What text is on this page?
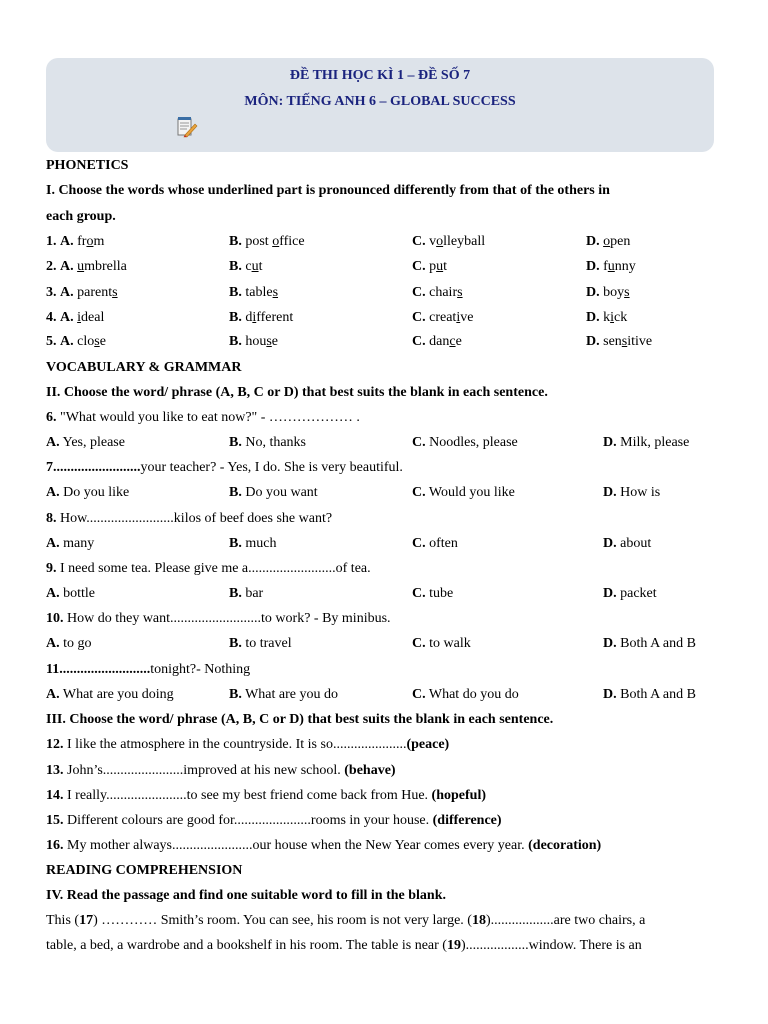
ĐỀ THI HỌC KÌ 1 – ĐỀ SỐ 7
MÔN: TIẾNG ANH 6 – GLOBAL SUCCESS
PHONETICS
I. Choose the words whose underlined part is pronounced differently from that of the others in
each group.
1. A. from	B. post office	C. volleyball	D. open
2. A. umbrella	B. cut	C. put	D. funny
3. A. parents	B. tables	C. chairs	D. boys
4. A. ideal	B. different	C. creative	D. kick
5. A. close	B. house	C. dance	D. sensitive
VOCABULARY & GRAMMAR
II. Choose the word/ phrase (A, B, C or D) that best suits the blank in each sentence.
6. "What would you like to eat now?" - ……………… .
A. Yes, please	B. No, thanks	C. Noodles, please	D. Milk, please
7.........................your teacher? - Yes, I do. She is very beautiful.
A. Do you like	B. Do you want	C. Would you like	D. How is
8. How.........................kilos of beef does she want?
A. many	B. much	C. often	D. about
9. I need some tea. Please give me a.........................of tea.
A. bottle	B. bar	C. tube	D. packet
10. How do they want..........................to work? - By minibus.
A. to go	B. to travel	C. to walk	D. Both A and B
11..........................tonight?- Nothing
A. What are you doing	B. What are you do	C. What do you do	D. Both A and B
III. Choose the word/ phrase (A, B, C or D) that best suits the blank in each sentence.
12. I like the atmosphere in the countryside. It is so.....................(peace)
13. John’s.......................improved at his new school. (behave)
14. I really.......................to see my best friend come back from Hue. (hopeful)
15. Different colours are good for......................rooms in your house. (difference)
16. My mother always.......................our house when the New Year comes every year. (decoration)
READING COMPREHENSION
IV. Read the passage and find one suitable word to fill in the blank.
This (17) ………… Smith’s room. You can see, his room is not very large. (18)..................are two chairs, a
table, a bed, a wardrobe and a bookshelf in his room. The table is near (19)..................window. There is an
